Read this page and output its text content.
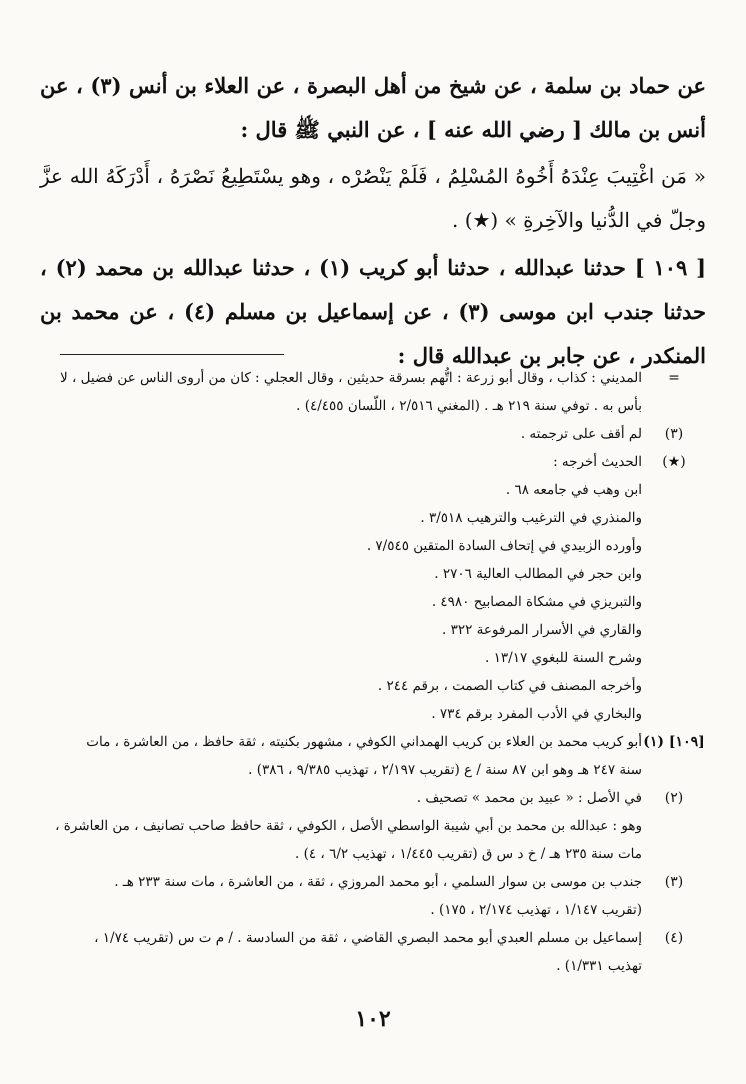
عن حماد بن سلمة ، عن شيخ من أهل البصرة ، عن العلاء بن أنس (٣) ، عن أنس بن مالك [ رضي الله عنه ] ، عن النبي ﷺ قال :
« مَن اغْتِيبَ عِنْدَهُ أَخُوهُ المُسْلِمُ ، فَلَمْ يَنْصُرْه ، وهو يسْتَطِيعُ نَصْرَهُ ، أَدْرَكَهُ الله عزَّ وجلّ في الدُّنيا والآخِرةِ » (★) .
[ ١٠٩ ] حدثنا عبدالله ، حدثنا أبو كريب (١) ، حدثنا عبدالله بن محمد (٢) ، حدثنا جندب ابن موسى (٣) ، عن إسماعيل بن مسلم (٤) ، عن محمد بن المنكدر ، عن جابر بن عبدالله قال :
=
المديني : كذاب ، وقال أبو زرعة : اتُّهم بسرقة حديثين ، وقال العجلي : كان من أروى الناس عن فضيل ، لا
بأس به . توفي سنة ٢١٩ هـ . (المغني ٢/٥١٦ ، اللّسان ٤/٤٥٥) .
(٣)
لم أقف على ترجمته .
(★)
الحديث أخرجه :
ابن وهب في جامعه ٦٨ .
والمنذري في الترغيب والترهيب ٣/٥١٨ .
وأورده الزبيدي في إتحاف السادة المتقين ٧/٥٤٥ .
وابن حجر في المطالب العالية ٢٧٠٦ .
والتبريزي في مشكاة المصابيح ٤٩٨٠ .
والقاري في الأسرار المرفوعة ٣٢٢ .
وشرح السنة للبغوي ١٣/١٧ .
وأخرجه المصنف في كتاب الصمت ، برقم ٢٤٤ .
والبخاري في الأدب المفرد برقم ٧٣٤ .
[١٠٩] (١)
أبو كريب محمد بن العلاء بن كريب الهمداني الكوفي ، مشهور بكنيته ، ثقة حافظ ، من العاشرة ، مات
سنة ٢٤٧ هـ وهو ابن ٨٧ سنة / ع (تقريب ٢/١٩٧ ، تهذيب ٩/٣٨٥ ، ٣٨٦) .
(٢)
في الأصل : « عبيد بن محمد » تصحيف .
وهو : عبدالله بن محمد بن أبي شيبة الواسطي الأصل ، الكوفي ، ثقة حافظ صاحب تصانيف ، من العاشرة ،
مات سنة ٢٣٥ هـ / خ د س ق (تقريب ١/٤٤٥ ، تهذيب ٦/٢ ، ٤) .
(٣)
جندب بن موسى بن سوار السلمي ، أبو محمد المروزي ، ثقة ، من العاشرة ، مات سنة ٢٣٣ هـ .
(تقريب ١/١٤٧ ، تهذيب ٢/١٧٤ ، ١٧٥) .
(٤)
إسماعيل بن مسلم العبدي أبو محمد البصري القاضي ، ثقة من السادسة . / م ت س (تقريب ١/٧٤ ،
تهذيب ١/٣٣١) .
١٠٢
